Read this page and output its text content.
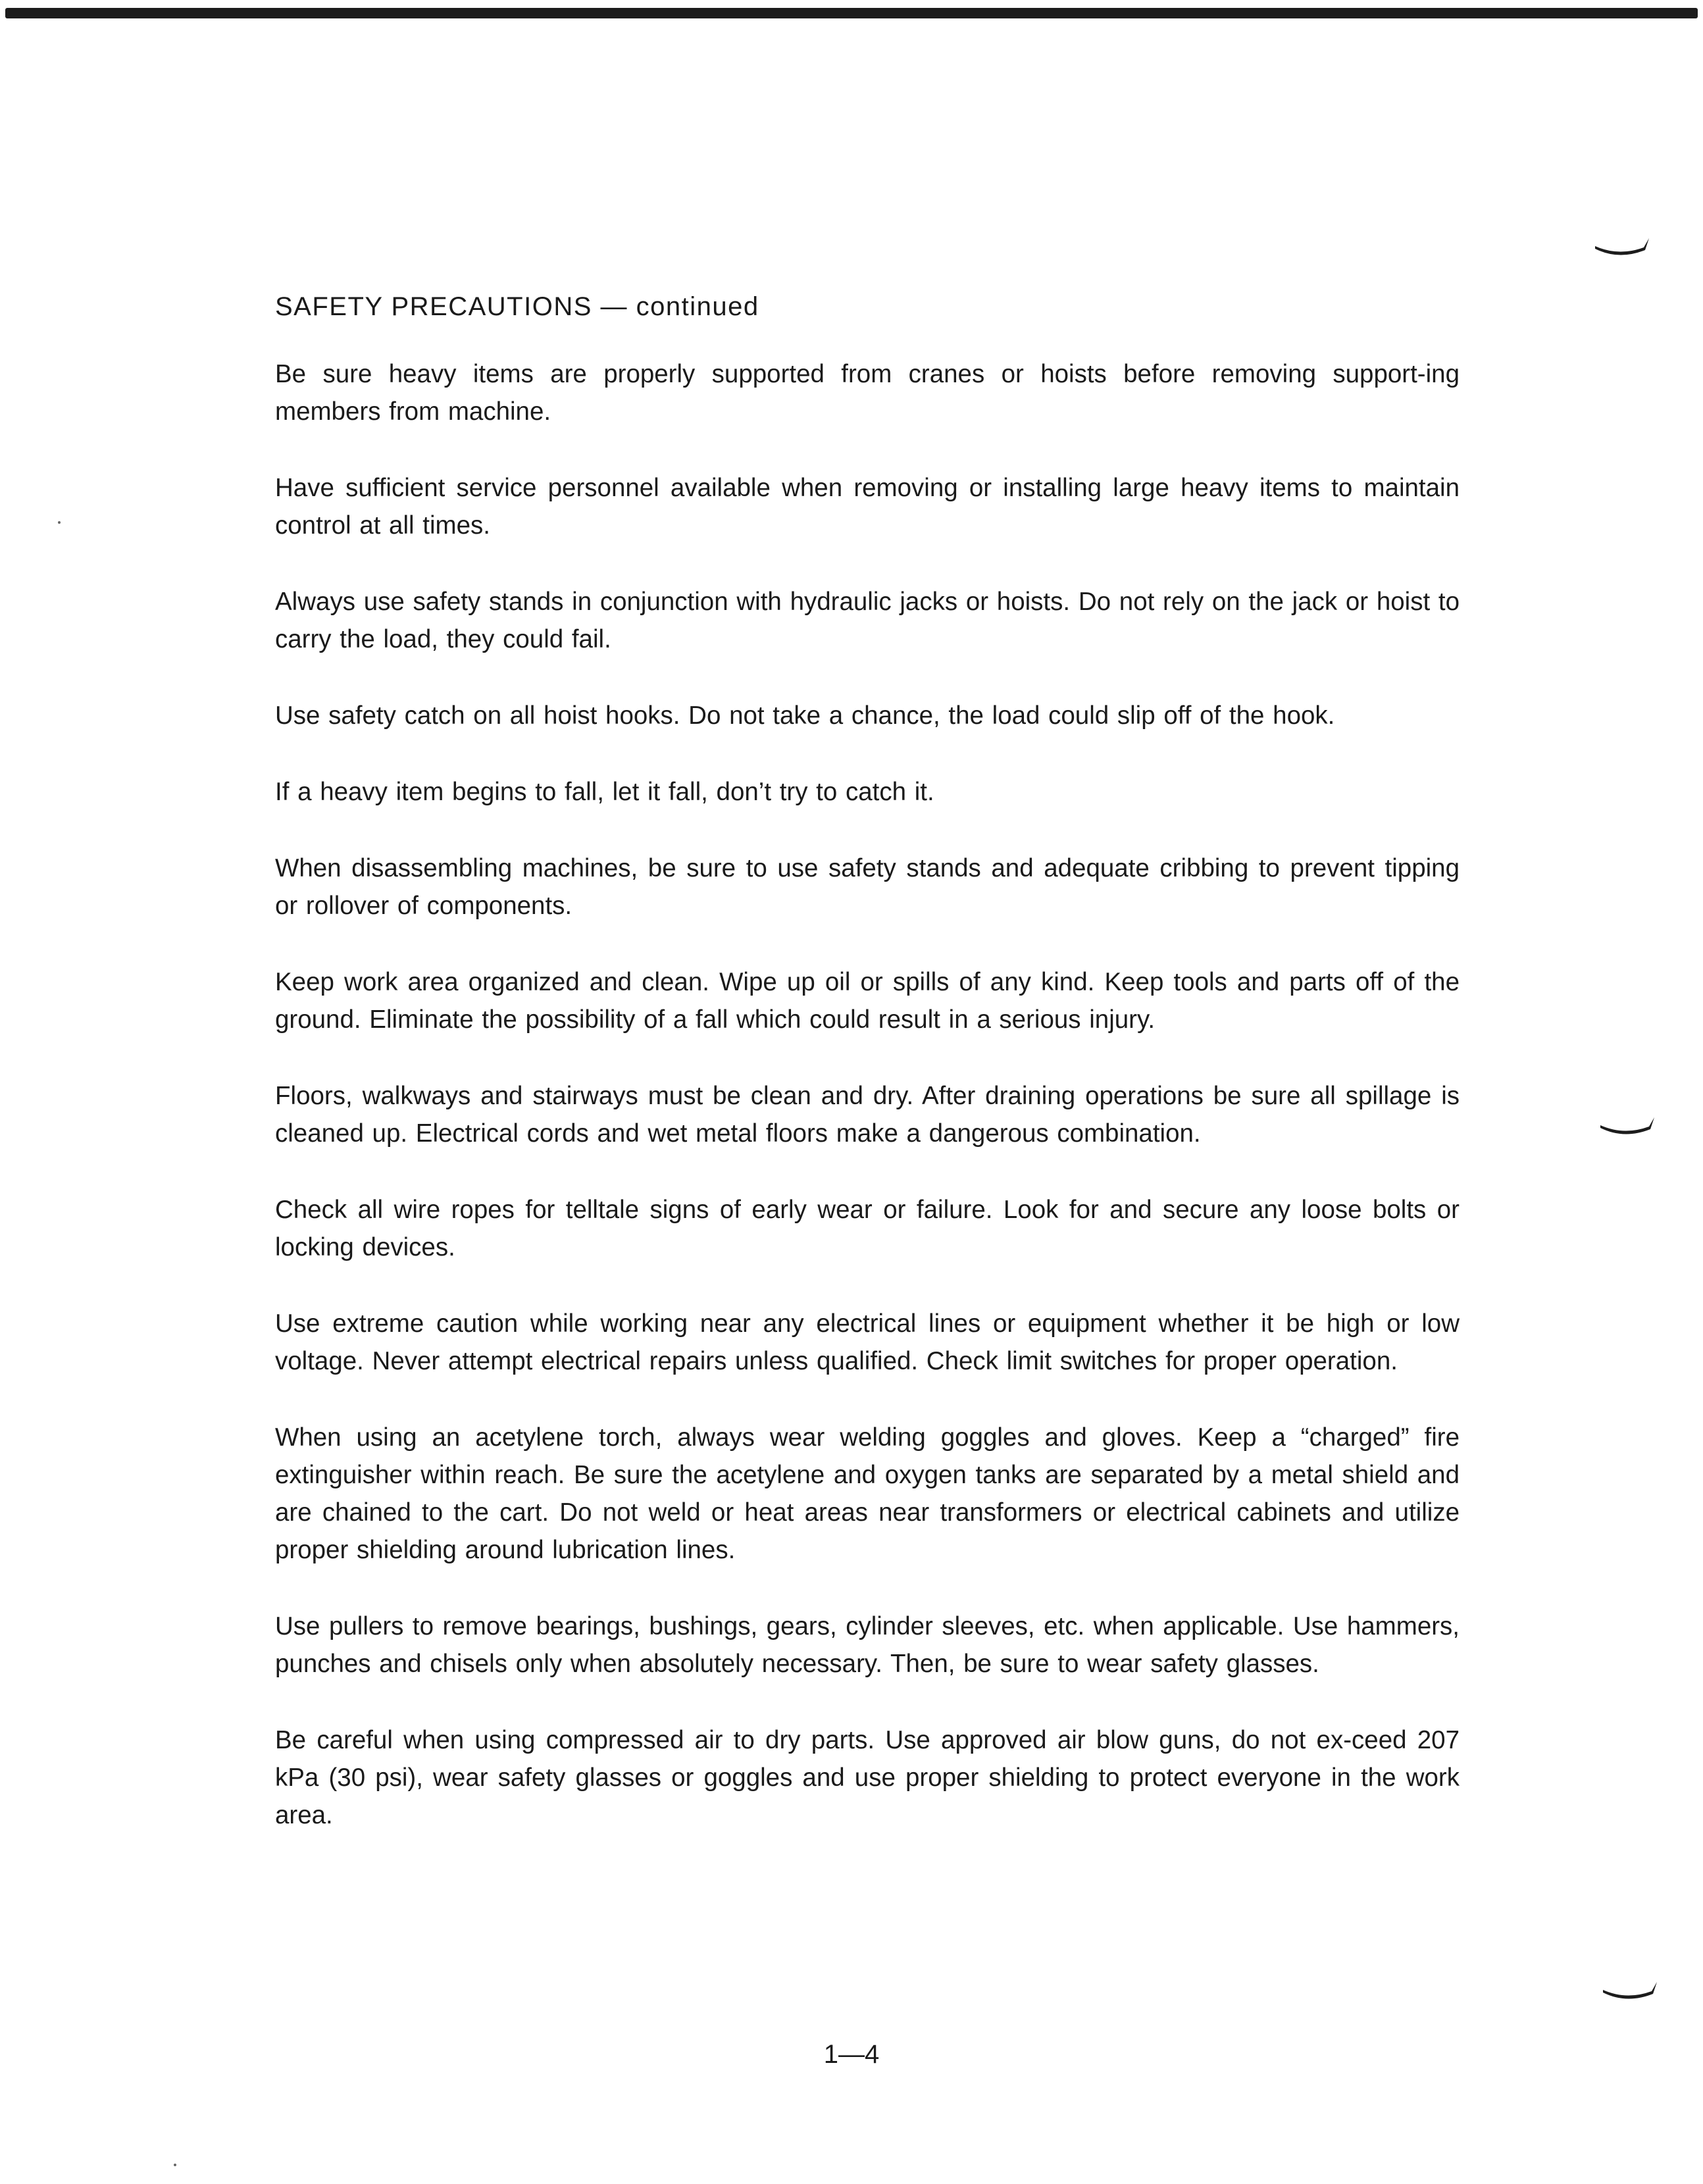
SAFETY PRECAUTIONS — continued

Be sure heavy items are properly supported from cranes or hoists before removing support-ing members from machine.

Have sufficient service personnel available when removing or installing large heavy items to maintain control at all times.

Always use safety stands in conjunction with hydraulic jacks or hoists. Do not rely on the jack or hoist to carry the load, they could fail.

Use safety catch on all hoist hooks. Do not take a chance, the load could slip off of the hook.

If a heavy item begins to fall, let it fall, don’t try to catch it.

When disassembling machines, be sure to use safety stands and adequate cribbing to prevent tipping or rollover of components.

Keep work area organized and clean. Wipe up oil or spills of any kind. Keep tools and parts off of the ground. Eliminate the possibility of a fall which could result in a serious injury.

Floors, walkways and stairways must be clean and dry. After draining operations be sure all spillage is cleaned up. Electrical cords and wet metal floors make a dangerous combination.

Check all wire ropes for telltale signs of early wear or failure. Look for and secure any loose bolts or locking devices.

Use extreme caution while working near any electrical lines or equipment whether it be high or low voltage. Never attempt electrical repairs unless qualified. Check limit switches for proper operation.

When using an acetylene torch, always wear welding goggles and gloves. Keep a “charged” fire extinguisher within reach. Be sure the acetylene and oxygen tanks are separated by a metal shield and are chained to the cart. Do not weld or heat areas near transformers or electrical cabinets and utilize proper shielding around lubrication lines.

Use pullers to remove bearings, bushings, gears, cylinder sleeves, etc. when applicable. Use hammers, punches and chisels only when absolutely necessary. Then, be sure to wear safety glasses.

Be careful when using compressed air to dry parts. Use approved air blow guns, do not ex-ceed 207 kPa (30 psi), wear safety glasses or goggles and use proper shielding to protect everyone in the work area.

1—4
